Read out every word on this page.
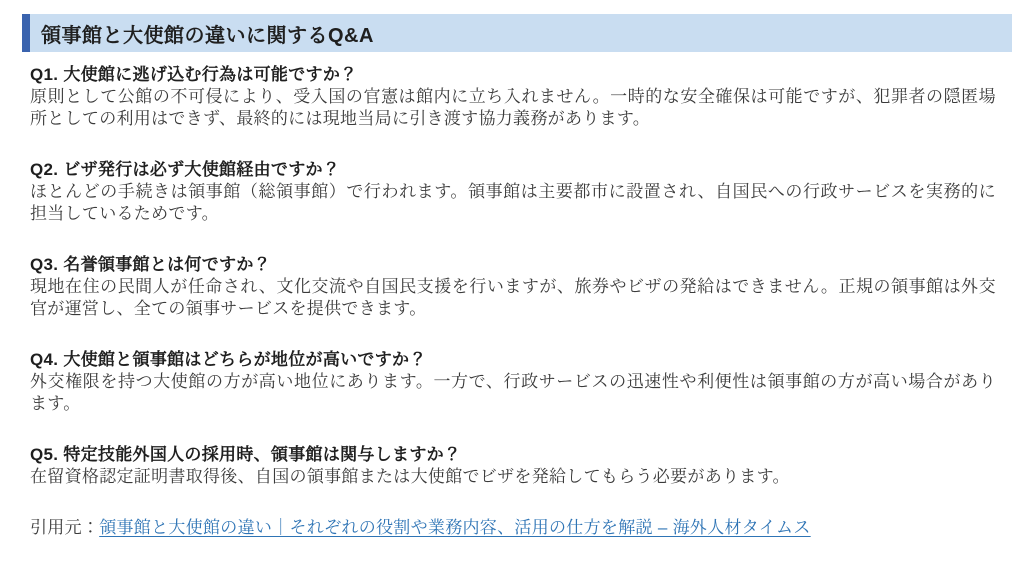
領事館と大使館の違いに関するQ&A

Q1. 大使館に逃げ込む行為は可能ですか？

原則として公館の不可侵により、受入国の官憲は館内に立ち入れません。一時的な安全確保は可能ですが、犯罪者の隠匿場所としての利用はできず、最終的には現地当局に引き渡す協力義務があります。

Q2. ビザ発行は必ず大使館経由ですか？

ほとんどの手続きは領事館（総領事館）で行われます。領事館は主要都市に設置され、自国民への行政サービスを実務的に担当しているためです。

Q3. 名誉領事館とは何ですか？

現地在住の民間人が任命され、文化交流や自国民支援を行いますが、旅券やビザの発給はできません。正規の領事館は外交官が運営し、全ての領事サービスを提供できます。

Q4. 大使館と領事館はどちらが地位が高いですか？

外交権限を持つ大使館の方が高い地位にあります。一方で、行政サービスの迅速性や利便性は領事館の方が高い場合があります。

Q5. 特定技能外国人の採用時、領事館は関与しますか？

在留資格認定証明書取得後、自国の領事館または大使館でビザを発給してもらう必要があります。

引用元：領事館と大使館の違い｜それぞれの役割や業務内容、活用の仕方を解説 – 海外人材タイムス
